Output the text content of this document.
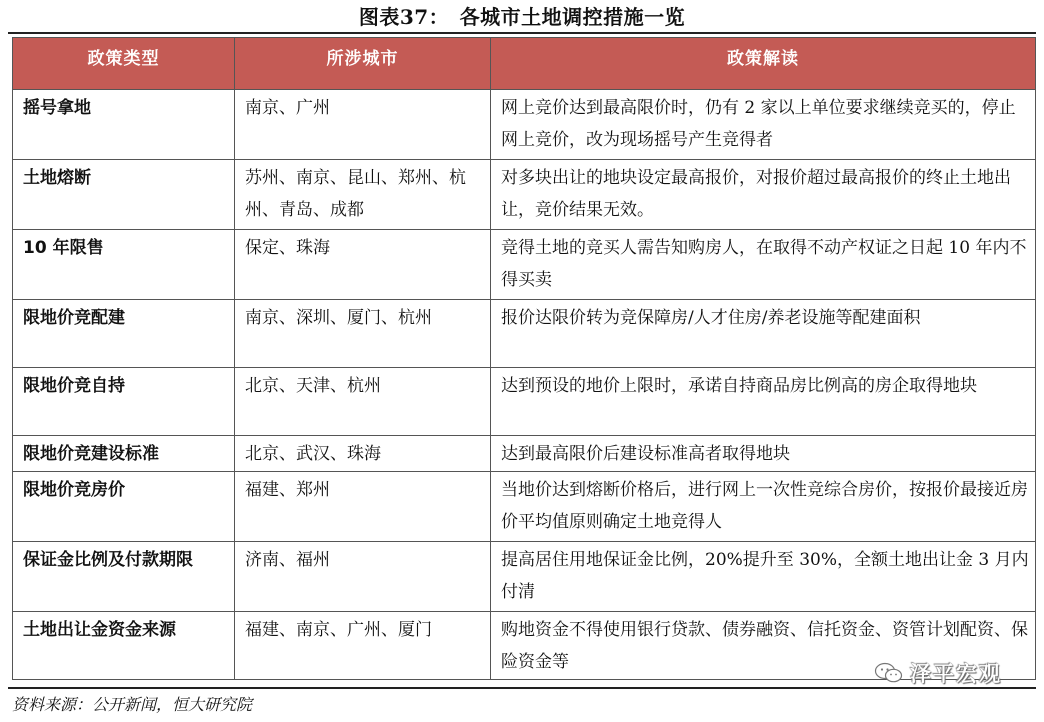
图表37：　各城市土地调控措施一览
政策类型	所涉城市	政策解读
摇号拿地	南京、广州	网上竞价达到最高限价时，仍有 2 家以上单位要求继续竞买的，停止网上竞价，改为现场摇号产生竞得者
土地熔断	苏州、南京、昆山、郑州、杭州、青岛、成都	对多块出让的地块设定最高报价，对报价超过最高报价的终止土地出让，竞价结果无效。
10 年限售	保定、珠海	竞得土地的竞买人需告知购房人，在取得不动产权证之日起 10 年内不得买卖
限地价竞配建	南京、深圳、厦门、杭州	报价达限价转为竞保障房/人才住房/养老设施等配建面积
限地价竞自持	北京、天津、杭州	达到预设的地价上限时，承诺自持商品房比例高的房企取得地块
限地价竞建设标准	北京、武汉、珠海	达到最高限价后建设标准高者取得地块
限地价竞房价	福建、郑州	当地价达到熔断价格后，进行网上一次性竞综合房价，按报价最接近房价平均值原则确定土地竞得人
保证金比例及付款期限	济南、福州	提高居住用地保证金比例，20%提升至 30%，全额土地出让金 3 月内付清
土地出让金资金来源	福建、南京、广州、厦门	购地资金不得使用银行贷款、债券融资、信托资金、资管计划配资、保险资金等	泽平宏观
资料来源：公开新闻，恒大研究院
